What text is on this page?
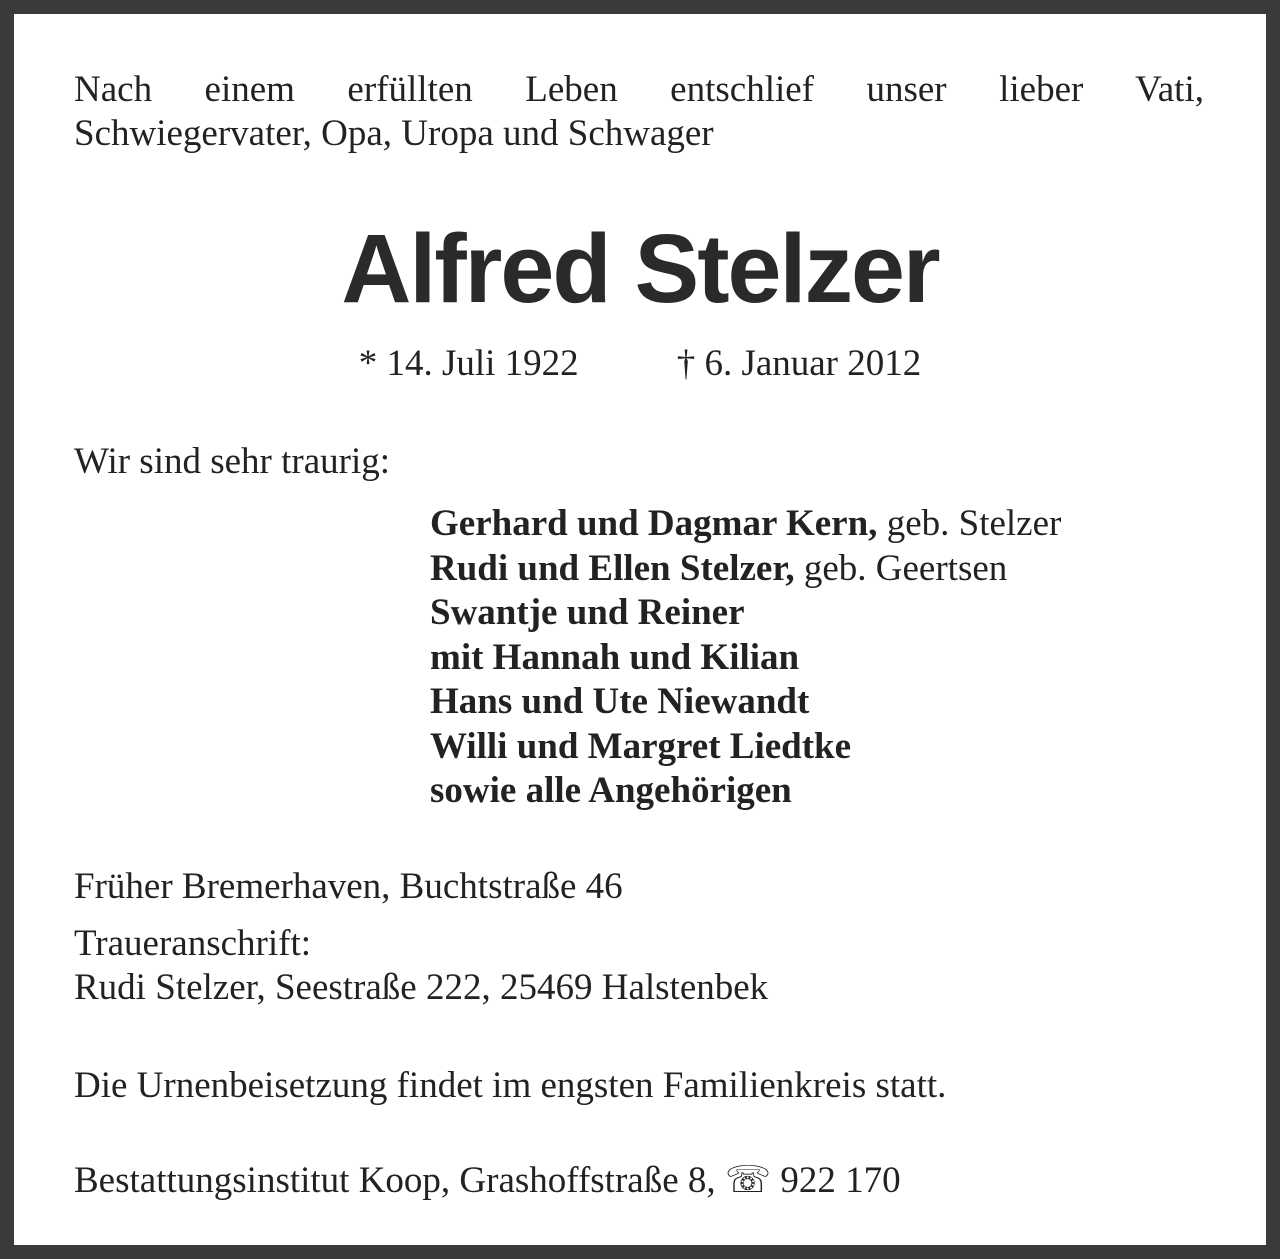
Nach einem erfüllten Leben entschlief unser lieber Vati,
Schwiegervater, Opa, Uropa und Schwager
Alfred Stelzer
* 14. Juli 1922	† 6. Januar 2012
Wir sind sehr traurig:
Gerhard und Dagmar Kern, geb. Stelzer
Rudi und Ellen Stelzer, geb. Geertsen
Swantje und Reiner
mit Hannah und Kilian
Hans und Ute Niewandt
Willi und Margret Liedtke
sowie alle Angehörigen
Früher Bremerhaven, Buchtstraße 46
Traueranschrift:
Rudi Stelzer, Seestraße 222, 25469 Halstenbek
Die Urnenbeisetzung findet im engsten Familienkreis statt.
Bestattungsinstitut Koop, Grashoffstraße 8, ☏ 922 170
